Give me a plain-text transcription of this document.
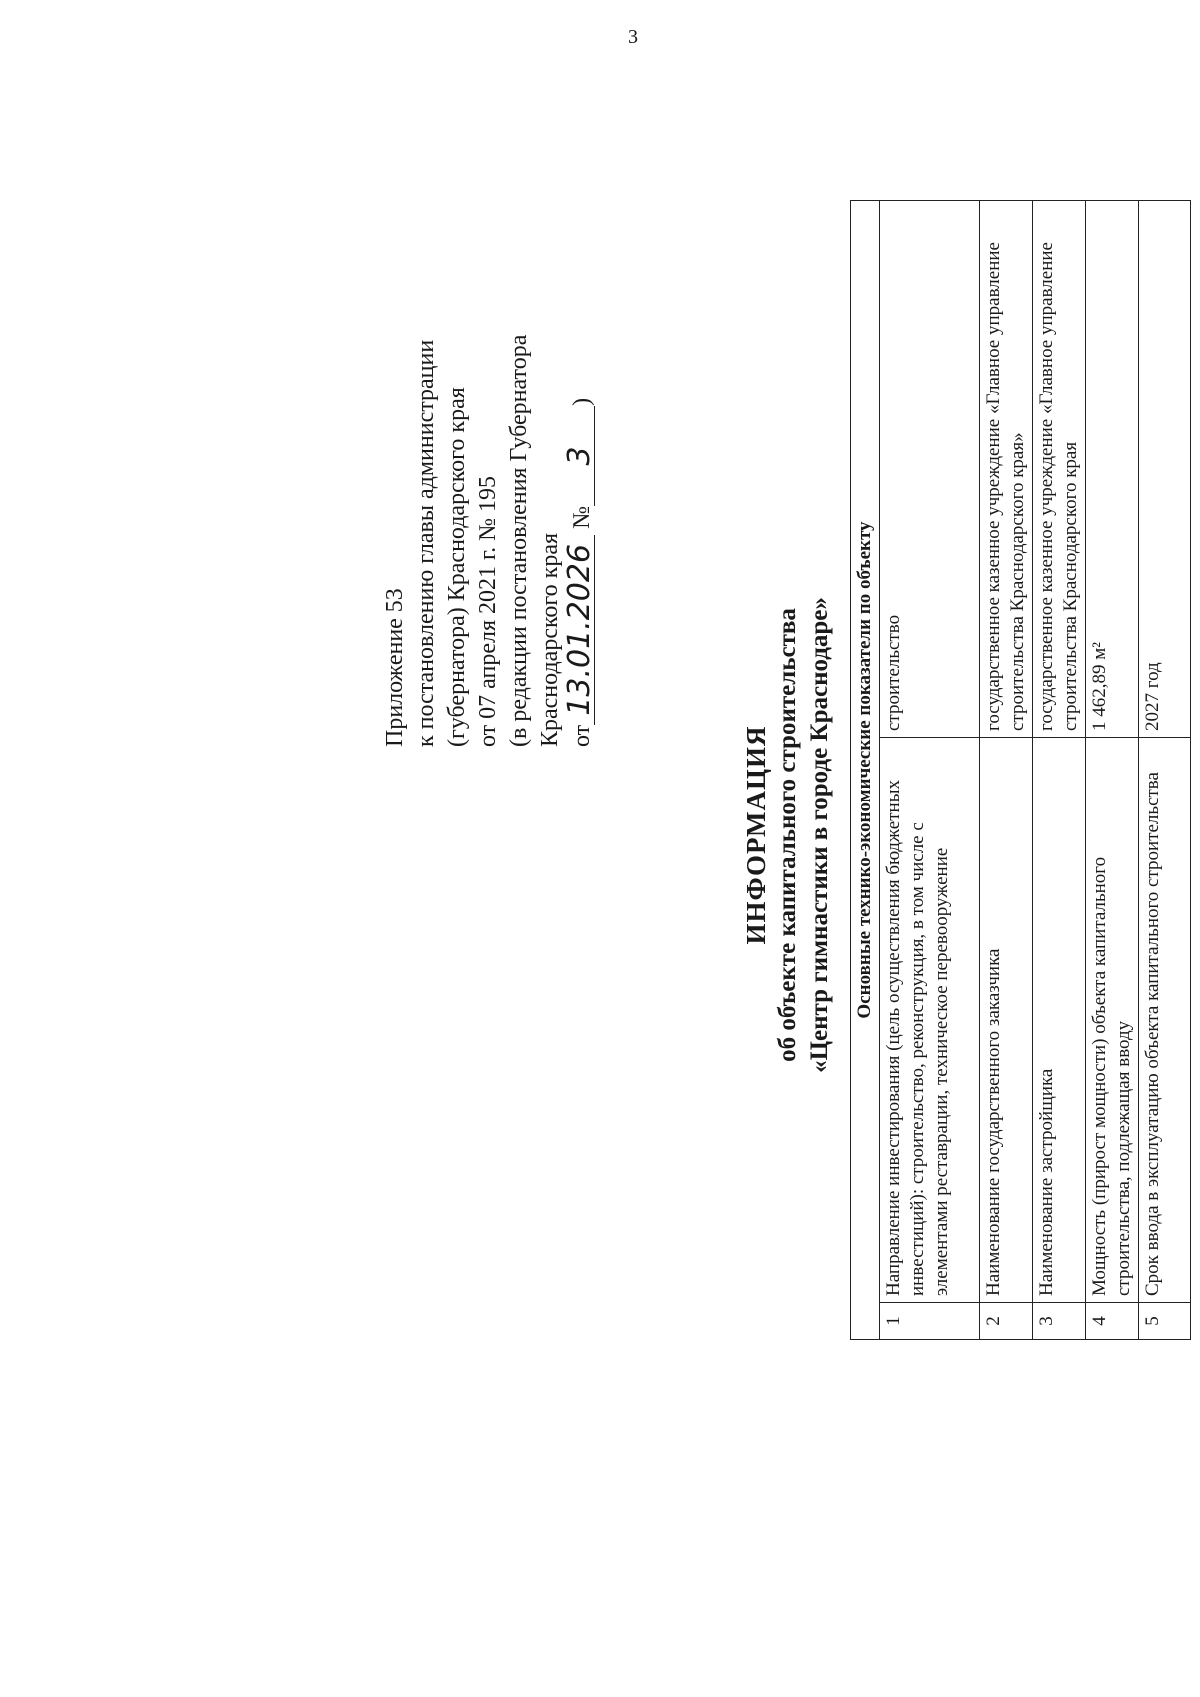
3
Приложение 53 к постановлению главы администрации (губернатора) Краснодарского края от 07 апреля 2021 г. № 195 (в редакции постановления Губернатора Краснодарского края от13.01.2026 №3)
ИНФОРМАЦИЯ об объекте капитального строительства «Центр гимнастики в городе Краснодаре» Основные технико-экономические показатели по объекту		
1	Направление инвестирования (цель осуществления бюджетных инвестиций): строительство, реконструкция, в том числе с элементами реставрации, техническое перевооружение	строительство
2	Наименование государственного заказчика	государственное казенное учреждение «Главное управление строительства Краснодарского края»
3	Наименование застройщика	государственное казенное учреждение «Главное управление строительства Краснодарского края
4	Мощность (прирост мощности) объекта капитального строительства, подлежащая вводу	1 462,89 м²
5	Срок ввода в эксплуатацию объекта капитального строительства	2027 год
